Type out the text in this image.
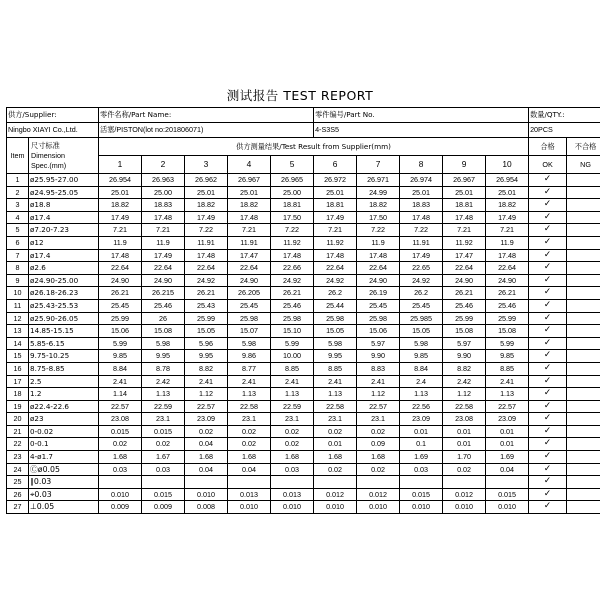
测试报告 TEST REPORT
供方/Supplier:		零件名称/Part Name:					零件编号/Part No.					数量/QTY.:	
Ningbo XIAYI Co.,Ltd.		活塞/PISTON(lot no:201806071)					4-S3S5					20PCS	
Item	尺寸标准
Dimension
Spec.(mm)	供方测量结果/Test Result from Supplier(mm)										合格	不合格
		1	2	3	4	5	6	7	8	9	10	OK	NG
1	ø25.95-27.00	26.954	26.963	26.962	26.967	26.965	26.972	26.971	26.974	26.967	26.954	✓	
2	ø24.95-25.05	25.01	25.00	25.01	25.01	25.00	25.01	24.99	25.01	25.01	25.01	✓	
3	ø18.8	18.82	18.83	18.82	18.82	18.81	18.81	18.82	18.83	18.81	18.82	✓	
4	ø17.4	17.49	17.48	17.49	17.48	17.50	17.49	17.50	17.48	17.48	17.49	✓	
5	ø7.20-7.23	7.21	7.21	7.22	7.21	7.22	7.21	7.22	7.22	7.21	7.21	✓	
6	ø12	11.9	11.9	11.91	11.91	11.92	11.92	11.9	11.91	11.92	11.9	✓	
7	ø17.4	17.48	17.49	17.48	17.47	17.48	17.48	17.48	17.49	17.47	17.48	✓	
8	ø2.6	22.64	22.64	22.64	22.64	22.66	22.64	22.64	22.65	22.64	22.64	✓	
9	ø24.90-25.00	24.90	24.90	24.92	24.90	24.92	24.92	24.90	24.92	24.90	24.90	✓	
10	ø26.18-26.23	26.21	26.215	26.21	26.205	26.21	26.2	26.19	26.2	26.21	26.21	✓	
11	ø25.43-25.53	25.45	25.46	25.43	25.45	25.46	25.44	25.45	25.45	25.46	25.46	✓	
12	ø25.90-26.05	25.99	26	25.99	25.98	25.98	25.98	25.98	25.985	25.99	25.99	✓	
13	14.85-15.15	15.06	15.08	15.05	15.07	15.10	15.05	15.06	15.05	15.08	15.08	✓	
14	5.85-6.15	5.99	5.98	5.96	5.98	5.99	5.98	5.97	5.98	5.97	5.99	✓	
15	9.75-10.25	9.85	9.95	9.95	9.86	10.00	9.95	9.90	9.85	9.90	9.85	✓	
16	8.75-8.85	8.84	8.78	8.82	8.77	8.85	8.85	8.83	8.84	8.82	8.85	✓	
17	2.5	2.41	2.42	2.41	2.41	2.41	2.41	2.41	2.4	2.42	2.41	✓	
18	1.2	1.14	1.13	1.12	1.13	1.13	1.13	1.12	1.13	1.12	1.13	✓	
19	ø22.4-22.6	22.57	22.59	22.57	22.58	22.59	22.58	22.57	22.56	22.58	22.57	✓	
20	ø23	23.08	23.1	23.09	23.1	23.1	23.1	23.1	23.09	23.08	23.09	✓	
21	0-0.02	0.015	0.015	0.02	0.02	0.02	0.02	0.02	0.01	0.01	0.01	✓	
22	0-0.1	0.02	0.02	0.04	0.02	0.02	0.01	0.09	0.1	0.01	0.01	✓	
23	4-ø1.7	1.68	1.67	1.68	1.68	1.68	1.68	1.68	1.69	1.70	1.69	✓	
24	Ⓒø0.05	0.03	0.03	0.04	0.04	0.03	0.02	0.02	0.03	0.02	0.04	✓	
25	∥0.03											✓	
26	⌖0.03	0.010	0.015	0.010	0.013	0.013	0.012	0.012	0.015	0.012	0.015	✓	
27	⊥0.05	0.009	0.009	0.008	0.010	0.010	0.010	0.010	0.010	0.010	0.010	✓	
